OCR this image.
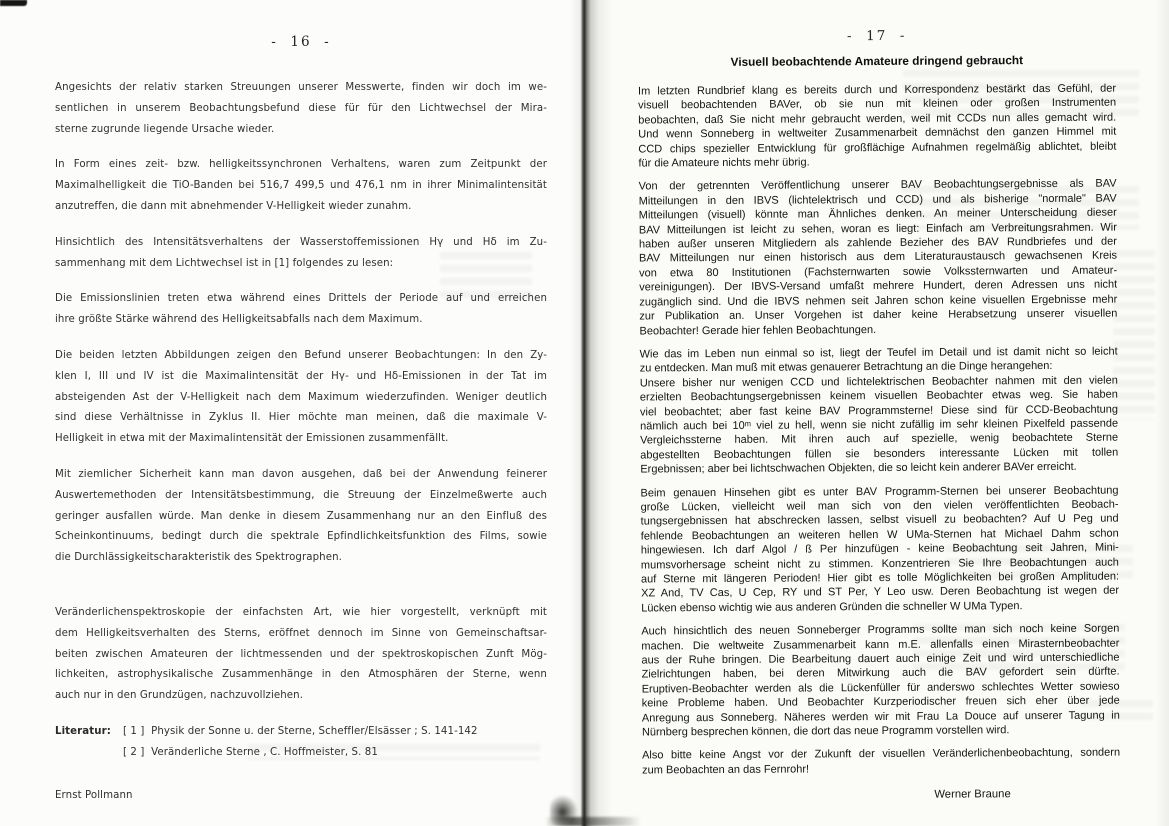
-  16  -
Angesichts der relativ starken Streuungen unserer Messwerte, finden wir doch im we-
sentlichen in unserem Beobachtungsbefund diese für für den Lichtwechsel der Mira-
sterne zugrunde liegende Ursache wieder.
In Form eines zeit- bzw. helligkeitssynchronen Verhaltens, waren zum Zeitpunkt der
Maximalhelligkeit die TiO-Banden bei 516,7 499,5 und 476,1 nm in ihrer Minimalintensität
anzutreffen, die dann mit abnehmender V-Helligkeit wieder zunahm.
Hinsichtlich des Intensitätsverhaltens der Wasserstoffemissionen Hγ und Hδ im Zu-
sammenhang mit dem Lichtwechsel ist in [1] folgendes zu lesen:
Die Emissionslinien treten etwa während eines Drittels der Periode auf und erreichen
ihre größte Stärke während des Helligkeitsabfalls nach dem Maximum.
Die beiden letzten Abbildungen zeigen den Befund unserer Beobachtungen: In den Zy-
klen I, III und IV ist die Maximalintensität der Hγ- und Hδ-Emissionen in der Tat im
absteigenden Ast der V-Helligkeit nach dem Maximum wiederzufinden. Weniger deutlich
sind diese Verhältnisse in Zyklus II. Hier möchte man meinen, daß die maximale V-
Helligkeit in etwa mit der Maximalintensität der Emissionen zusammenfällt.
Mit ziemlicher Sicherheit kann man davon ausgehen, daß bei der Anwendung feinerer
Auswertemethoden der Intensitätsbestimmung, die Streuung der Einzelmeßwerte auch
geringer ausfallen würde. Man denke in diesem Zusammenhang nur an den Einfluß des
Scheinkontinuums, bedingt durch die spektrale Epfindlichkeitsfunktion des Films, sowie
die Durchlässigkeitscharakteristik des Spektrographen.
Veränderlichenspektroskopie der einfachsten Art, wie hier vorgestellt, verknüpft mit
dem Helligkeitsverhalten des Sterns, eröffnet dennoch im Sinne von Gemeinschaftsar-
beiten zwischen Amateuren der lichtmessenden und der spektroskopischen Zunft Mög-
lichkeiten, astrophysikalische Zusammenhänge in den Atmosphären der Sterne, wenn
auch nur in den Grundzügen, nachzuvollziehen.
Literatur:	[ 1 ]  Physik der Sonne u. der Sterne, Scheffler/Elsässer ; S. 141-142
[ 2 ]  Veränderliche Sterne , C. Hoffmeister, S. 81
Ernst Pollmann
-  17  -
Visuell beobachtende Amateure dringend gebraucht
Im letzten Rundbrief klang es bereits durch und Korrespondenz bestärkt das Gefühl, der
visuell beobachtenden BAVer, ob sie nun mit kleinen oder großen Instrumenten
beobachten, daß Sie nicht mehr gebraucht werden, weil mit CCDs nun alles gemacht wird.
Und wenn Sonneberg in weltweiter Zusammenarbeit demnächst den ganzen Himmel mit
CCD chips spezieller Entwicklung für großflächige Aufnahmen regelmäßig ablichtet, bleibt
für die Amateure nichts mehr übrig.
Von der getrennten Veröffentlichung unserer BAV Beobachtungsergebnisse als BAV
Mitteilungen in den IBVS (lichtelektrisch und CCD) und als bisherige "normale" BAV
Mitteilungen (visuell) könnte man Ähnliches denken. An meiner Unterscheidung dieser
BAV Mitteilungen ist leicht zu sehen, woran es liegt: Einfach am Verbreitungsrahmen. Wir
haben außer unseren Mitgliedern als zahlende Bezieher des BAV Rundbriefes und der
BAV Mitteilungen nur einen historisch aus dem Literaturaustausch gewachsenen Kreis
von etwa 80 Institutionen (Fachsternwarten sowie Volkssternwarten und Amateur-
vereinigungen). Der IBVS-Versand umfaßt mehrere Hundert, deren Adressen uns nicht
zugänglich sind. Und die IBVS nehmen seit Jahren schon keine visuellen Ergebnisse mehr
zur Publikation an. Unser Vorgehen ist daher keine Herabsetzung unserer visuellen
Beobachter! Gerade hier fehlen Beobachtungen.
Wie das im Leben nun einmal so ist, liegt der Teufel im Detail und ist damit nicht so leicht
zu entdecken. Man muß mit etwas genauerer Betrachtung an die Dinge herangehen:
Unsere bisher nur wenigen CCD und lichtelektrischen Beobachter nahmen mit den vielen
erzielten Beobachtungsergebnissen keinem visuellen Beobachter etwas weg. Sie haben
viel beobachtet; aber fast keine BAV Programmsterne! Diese sind für CCD-Beobachtung
nämlich auch bei 10ᵐ viel zu hell, wenn sie nicht zufällig im sehr kleinen Pixelfeld passende
Vergleichssterne haben. Mit ihren auch auf spezielle, wenig beobachtete Sterne
abgestellten Beobachtungen füllen sie besonders interessante Lücken mit tollen
Ergebnissen; aber bei lichtschwachen Objekten, die so leicht kein anderer BAVer erreicht.
Beim genauen Hinsehen gibt es unter BAV Programm-Sternen bei unserer Beobachtung
große Lücken, vielleicht weil man sich von den vielen veröffentlichten Beobach-
tungsergebnissen hat abschrecken lassen, selbst visuell zu beobachten? Auf U Peg und
fehlende Beobachtungen an weiteren hellen W UMa-Sternen hat Michael Dahm schon
hingewiesen. Ich darf Algol / ß Per hinzufügen - keine Beobachtung seit Jahren, Mini-
mumsvorhersage scheint nicht zu stimmen. Konzentrieren Sie Ihre Beobachtungen auch
auf Sterne mit längeren Perioden! Hier gibt es tolle Möglichkeiten bei großen Amplituden:
XZ And, TV Cas, U Cep, RY und ST Per, Y Leo usw. Deren Beobachtung ist wegen der
Lücken ebenso wichtig wie aus anderen Gründen die schneller W UMa Typen.
Auch hinsichtlich des neuen Sonneberger Programms sollte man sich noch keine Sorgen
machen. Die weltweite Zusammenarbeit kann m.E. allenfalls einen Mirasternbeobachter
aus der Ruhe bringen. Die Bearbeitung dauert auch einige Zeit und wird unterschiedliche
Zielrichtungen haben, bei deren Mitwirkung auch die BAV gefordert sein dürfte.
Eruptiven-Beobachter werden als die Lückenfüller für anderswo schlechtes Wetter sowieso
keine Probleme haben. Und Beobachter Kurzperiodischer freuen sich eher über jede
Anregung aus Sonneberg. Näheres werden wir mit Frau La Douce auf unserer Tagung in
Nürnberg besprechen können, die dort das neue Programm vorstellen wird.
Also bitte keine Angst vor der Zukunft der visuellen Veränderlichenbeobachtung, sondern
zum Beobachten an das Fernrohr!
Werner Braune
